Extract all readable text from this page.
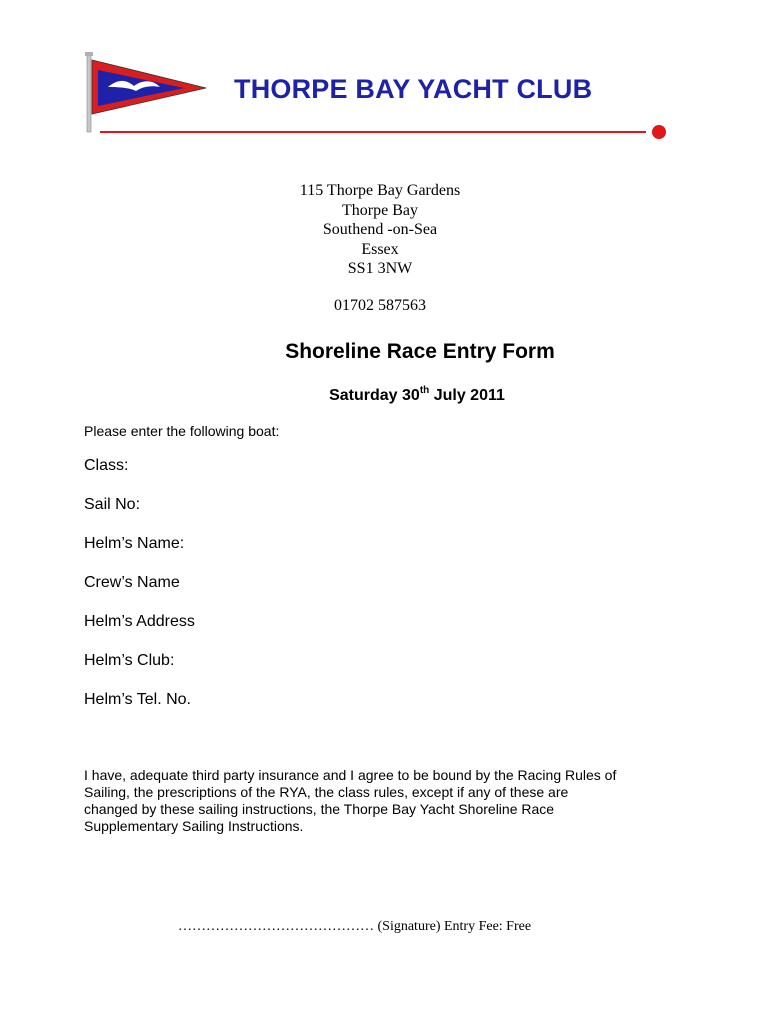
THORPE BAY YACHT CLUB
115 Thorpe Bay Gardens
Thorpe Bay
Southend -on-Sea
Essex
SS1 3NW
01702 587563
Shoreline Race Entry Form
Saturday 30th July 2011
Please enter the following boat:
Class:
Sail No:
Helm’s Name:
Crew’s Name
Helm’s Address
Helm’s Club:
Helm’s Tel. No.
I have, adequate third party insurance and I agree to be bound by the Racing Rules of
Sailing, the prescriptions of the RYA, the class rules, except if any of these are
changed by these sailing instructions, the Thorpe Bay Yacht Shoreline Race
Supplementary Sailing Instructions.
…………………………………… (Signature) Entry Fee: Free
